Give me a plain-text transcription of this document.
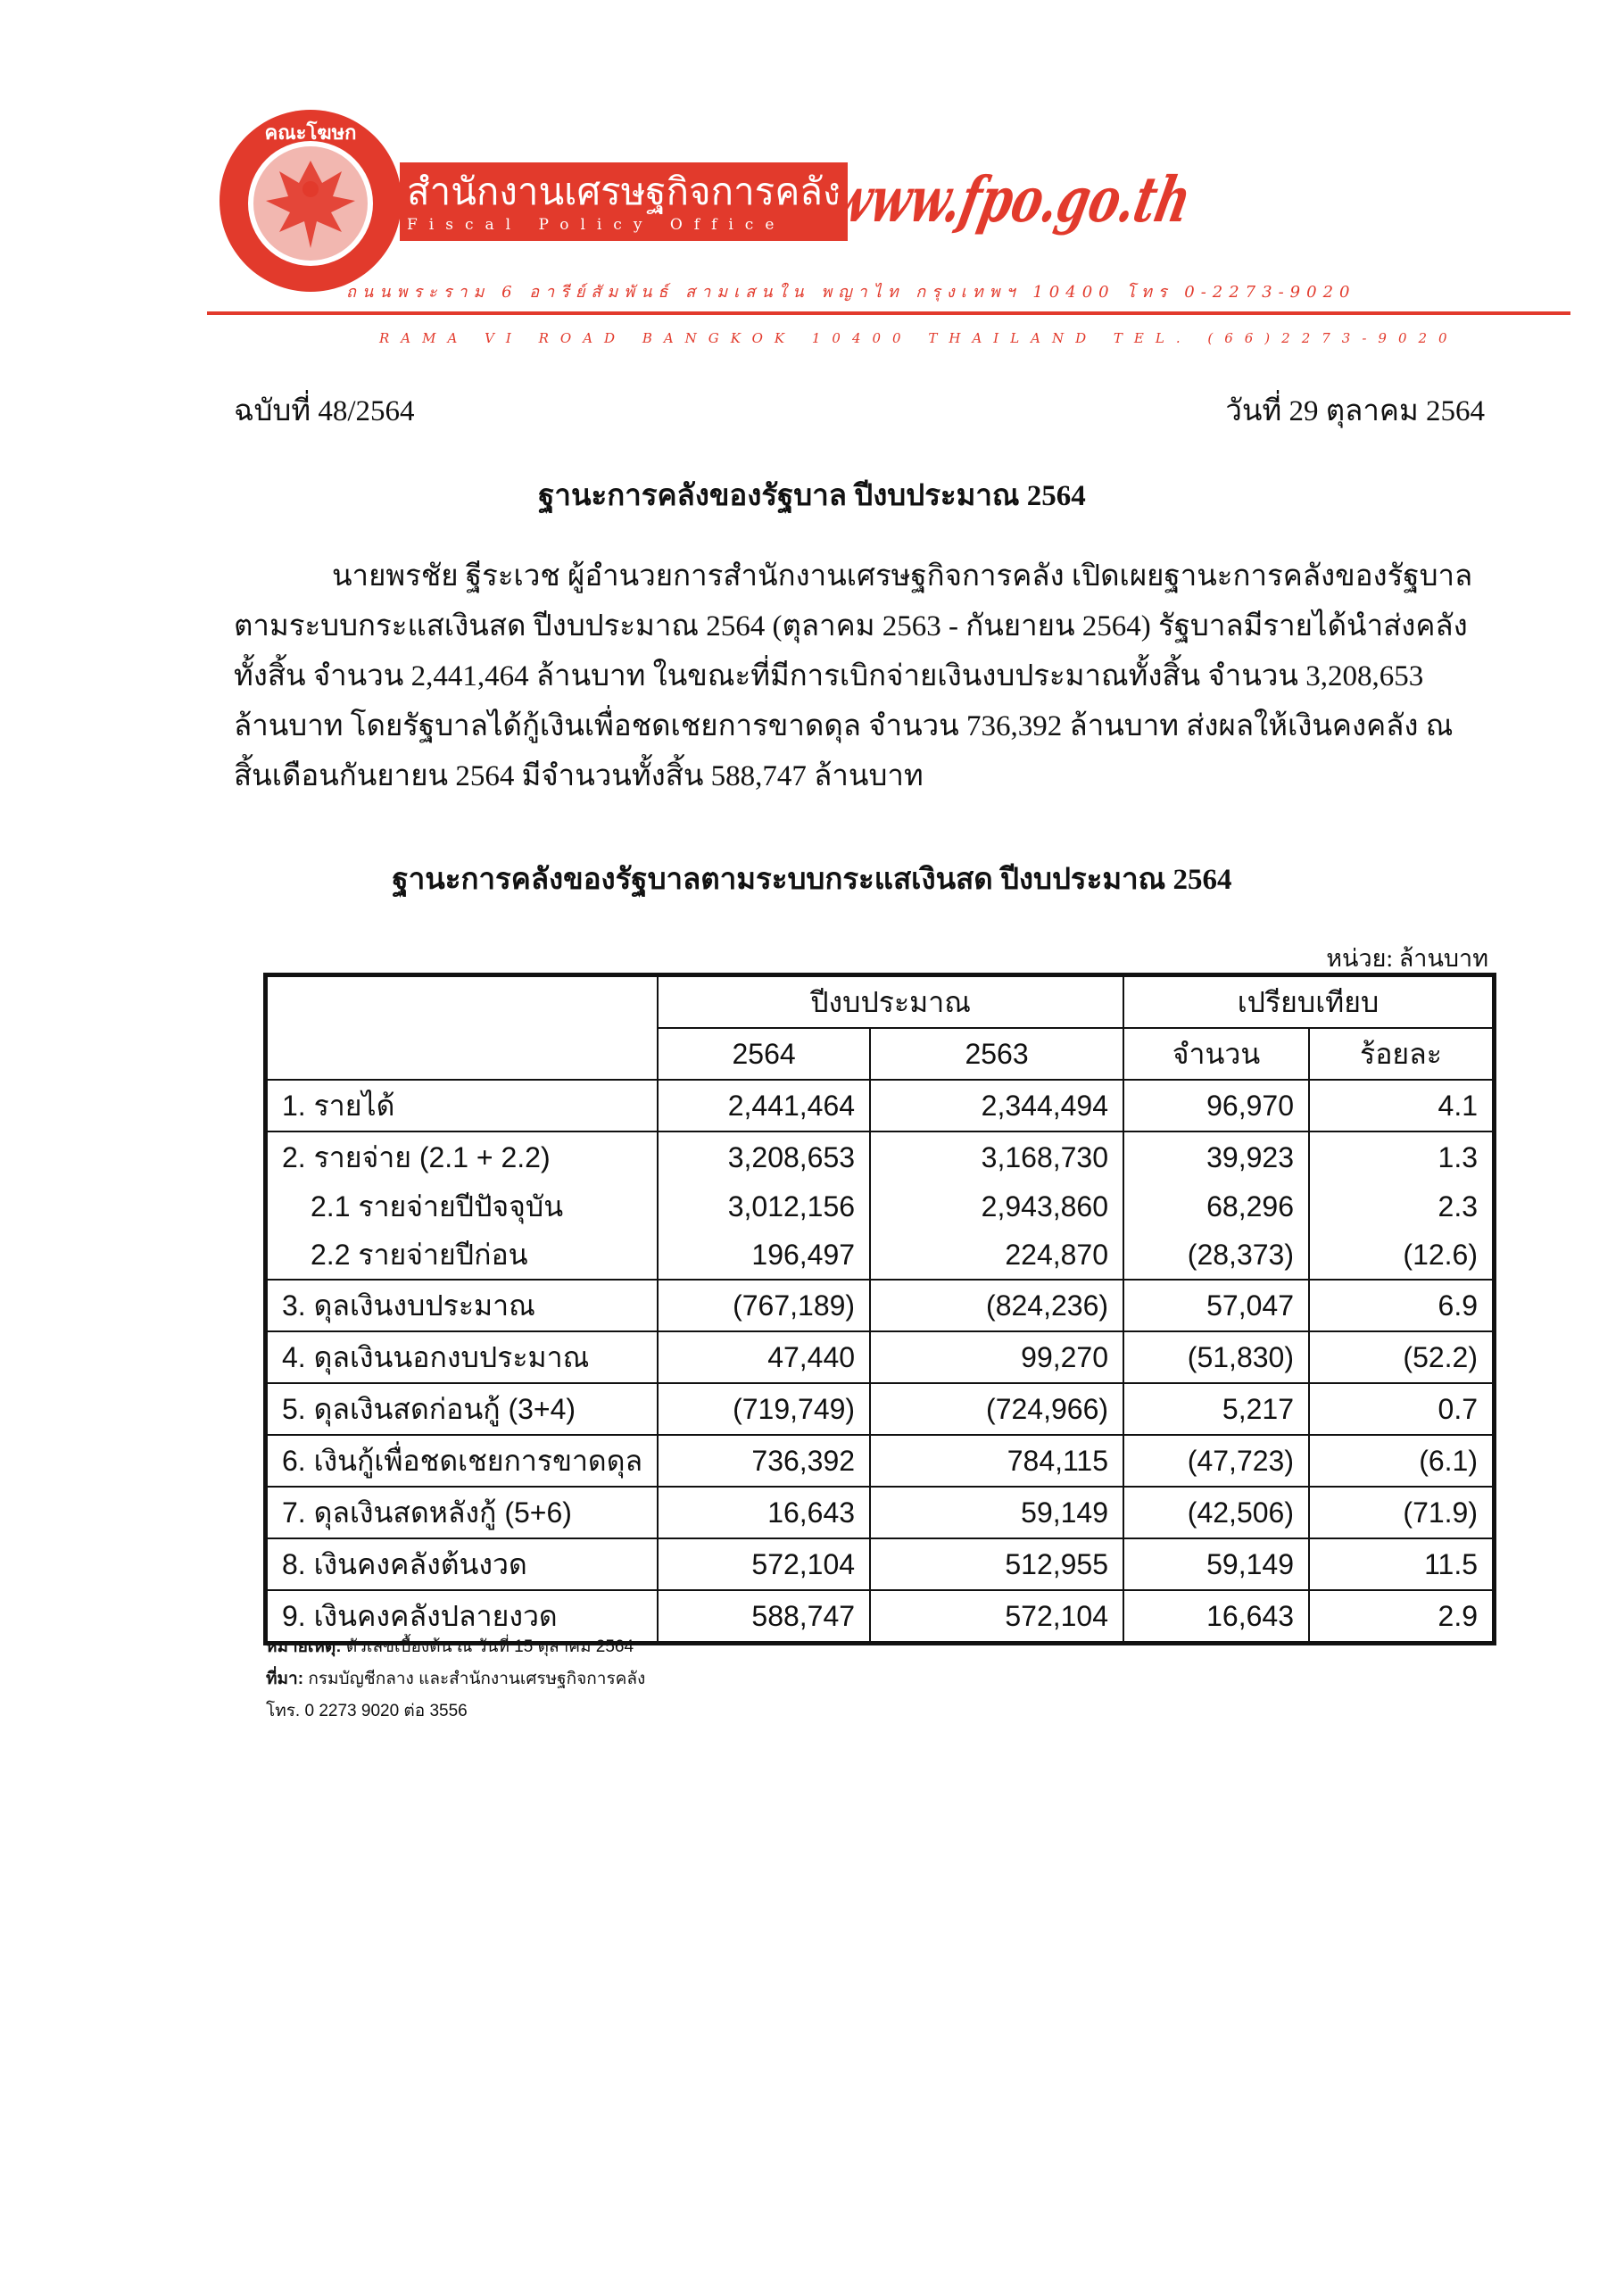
คณะโฆษก
สำนักงานเศรษฐกิจการคลัง
Fiscal Policy Office www.fpo.go.th
ถนนพระราม 6 อารีย์สัมพันธ์ สามเสนใน พญาไท กรุงเทพฯ 10400 โทร 0-2273-9020
RAMA VI ROAD BANGKOK 10400 THAILAND TEL. (66)2273-9020
ฉบับที่ 48/2564	วันที่ 29 ตุลาคม 2564
ฐานะการคลังของรัฐบาล ปีงบประมาณ 2564
นายพรชัย ฐีระเวช ผู้อำนวยการสำนักงานเศรษฐกิจการคลัง เปิดเผยฐานะการคลังของรัฐบาลตามระบบกระแสเงินสด ปีงบประมาณ 2564 (ตุลาคม 2563 - กันยายน 2564) รัฐบาลมีรายได้นำส่งคลังทั้งสิ้น จำนวน 2,441,464 ล้านบาท ในขณะที่มีการเบิกจ่ายเงินงบประมาณทั้งสิ้น จำนวน 3,208,653 ล้านบาท โดยรัฐบาลได้กู้เงินเพื่อชดเชยการขาดดุล จำนวน 736,392 ล้านบาท ส่งผลให้เงินคงคลัง ณ สิ้นเดือนกันยายน 2564 มีจำนวนทั้งสิ้น 588,747 ล้านบาท
ฐานะการคลังของรัฐบาลตามระบบกระแสเงินสด ปีงบประมาณ 2564
หน่วย: ล้านบาท
	ปีงบประมาณ		เปรียบเทียบ	
	2564	2563	จำนวน	ร้อยละ
1. รายได้	2,441,464	2,344,494	96,970	4.1
2. รายจ่าย (2.1 + 2.2)	3,208,653	3,168,730	39,923	1.3
2.1 รายจ่ายปีปัจจุบัน	3,012,156	2,943,860	68,296	2.3
2.2 รายจ่ายปีก่อน	196,497	224,870	(28,373)	(12.6)
3. ดุลเงินงบประมาณ	(767,189)	(824,236)	57,047	6.9
4. ดุลเงินนอกงบประมาณ	47,440	99,270	(51,830)	(52.2)
5. ดุลเงินสดก่อนกู้ (3+4)	(719,749)	(724,966)	5,217	0.7
6. เงินกู้เพื่อชดเชยการขาดดุล	736,392	784,115	(47,723)	(6.1)
7. ดุลเงินสดหลังกู้ (5+6)	16,643	59,149	(42,506)	(71.9)
8. เงินคงคลังต้นงวด	572,104	512,955	59,149	11.5
9. เงินคงคลังปลายงวด	588,747	572,104	16,643	2.9
หมายเหตุ: ตัวเลขเบื้องต้น ณ วันที่ 15 ตุลาคม 2564
ที่มา: กรมบัญชีกลาง และสำนักงานเศรษฐกิจการคลัง
โทร. 0 2273 9020 ต่อ 3556
